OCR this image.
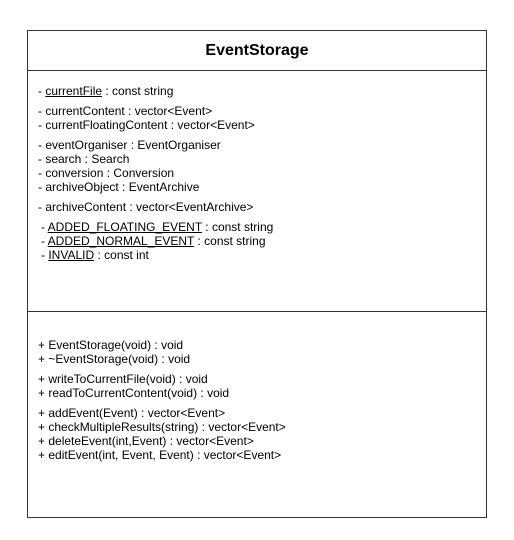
EventStorage
- currentFile : const string
- currentContent : vector<Event>
- currentFloatingContent : vector<Event>
- eventOrganiser : EventOrganiser
- search : Search
- conversion : Conversion
- archiveObject : EventArchive
- archiveContent : vector<EventArchive>
- ADDED_FLOATING_EVENT : const string
- ADDED_NORMAL_EVENT : const string
- INVALID : const int
+ EventStorage(void) : void
+ ~EventStorage(void) : void
+ writeToCurrentFile(void) : void
+ readToCurrentContent(void) : void
+ addEvent(Event) : vector<Event>
+ checkMultipleResults(string) : vector<Event>
+ deleteEvent(int,Event) : vector<Event>
+ editEvent(int, Event, Event) : vector<Event>
